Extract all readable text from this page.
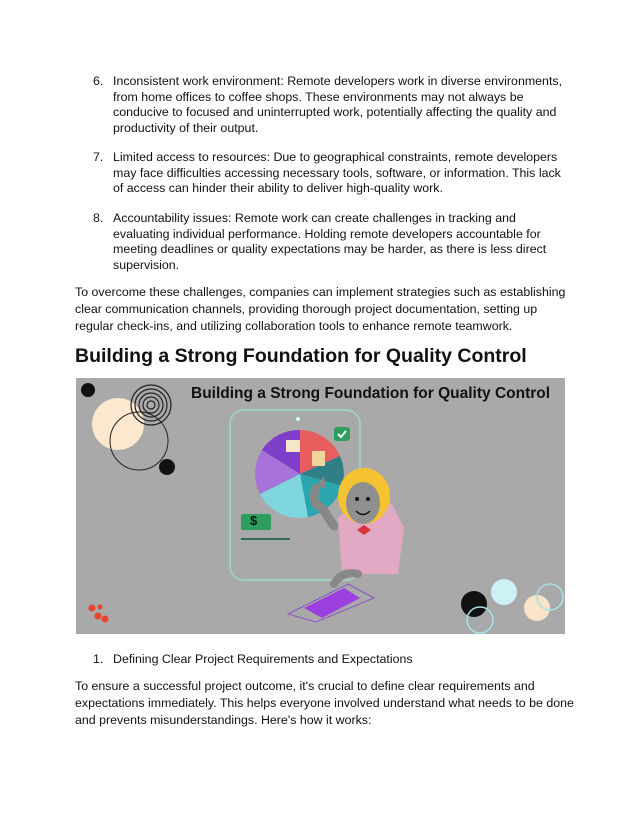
6. Inconsistent work environment: Remote developers work in diverse environments, from home offices to coffee shops. These environments may not always be conducive to focused and uninterrupted work, potentially affecting the quality and productivity of their output.
7. Limited access to resources: Due to geographical constraints, remote developers may face difficulties accessing necessary tools, software, or information. This lack of access can hinder their ability to deliver high-quality work.
8. Accountability issues: Remote work can create challenges in tracking and evaluating individual performance. Holding remote developers accountable for meeting deadlines or quality expectations may be harder, as there is less direct supervision.
To overcome these challenges, companies can implement strategies such as establishing clear communication channels, providing thorough project documentation, setting up regular check-ins, and utilizing collaboration tools to enhance remote teamwork.
Building a Strong Foundation for Quality Control
Building a Strong Foundation for Quality Control
$
1. Defining Clear Project Requirements and Expectations
To ensure a successful project outcome, it's crucial to define clear requirements and expectations immediately. This helps everyone involved understand what needs to be done and prevents misunderstandings. Here's how it works:
